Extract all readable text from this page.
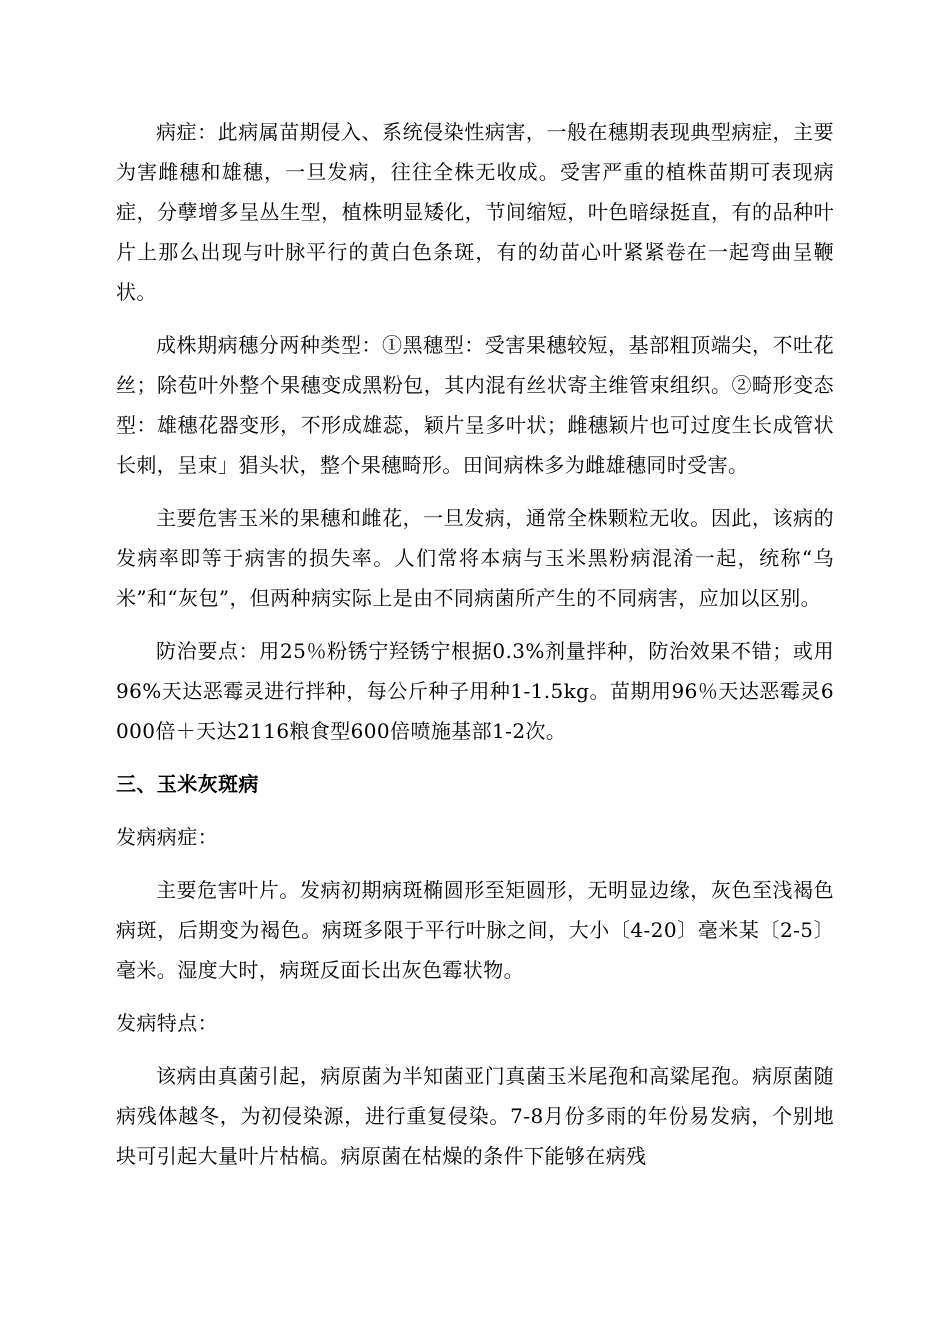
病症：此病属苗期侵入、系统侵染性病害，一般在穗期表现典型病症，主要为害雌穗和雄穗，一旦发病，往往全株无收成。受害严重的植株苗期可表现病症，分孽增多呈丛生型，植株明显矮化，节间缩短，叶色暗绿挺直，有的品种叶片上那么出现与叶脉平行的黄白色条斑，有的幼苗心叶紧紧卷在一起弯曲呈鞭状。

成株期病穗分两种类型：①黑穗型：受害果穗较短，基部粗顶端尖，不吐花丝；除苞叶外整个果穗变成黑粉包，其内混有丝状寄主维管束组织。②畸形变态型：雄穗花器变形，不形成雄蕊，颖片呈多叶状；雌穗颖片也可过度生长成管状长刺，呈束」猖头状，整个果穗畸形。田间病株多为雌雄穗同时受害。

主要危害玉米的果穗和雌花，一旦发病，通常全株颗粒无收。因此，该病的发病率即等于病害的损失率。人们常将本病与玉米黑粉病混淆一起，统称“乌米”和“灰包”，但两种病实际上是由不同病菌所产生的不同病害，应加以区别。

防治要点：用25％粉锈宁羟锈宁根据0.3%剂量拌种，防治效果不错；或用96%天达恶霉灵进行拌种，每公斤种子用种1-1.5kg。苗期用96％天达恶霉灵6000倍＋天达2116粮食型600倍喷施基部1-2次。

三、玉米灰斑病

发病病症：

主要危害叶片。发病初期病斑椭圆形至矩圆形，无明显边缘，灰色至浅褐色病斑，后期变为褐色。病斑多限于平行叶脉之间，大小〔4-20〕毫米某〔2-5〕毫米。湿度大时，病斑反面长出灰色霉状物。

发病特点：

该病由真菌引起，病原菌为半知菌亚门真菌玉米尾孢和高粱尾孢。病原菌随病残体越冬，为初侵染源，进行重复侵染。7-8月份多雨的年份易发病，个别地块可引起大量叶片枯槁。病原菌在枯燥的条件下能够在病残
